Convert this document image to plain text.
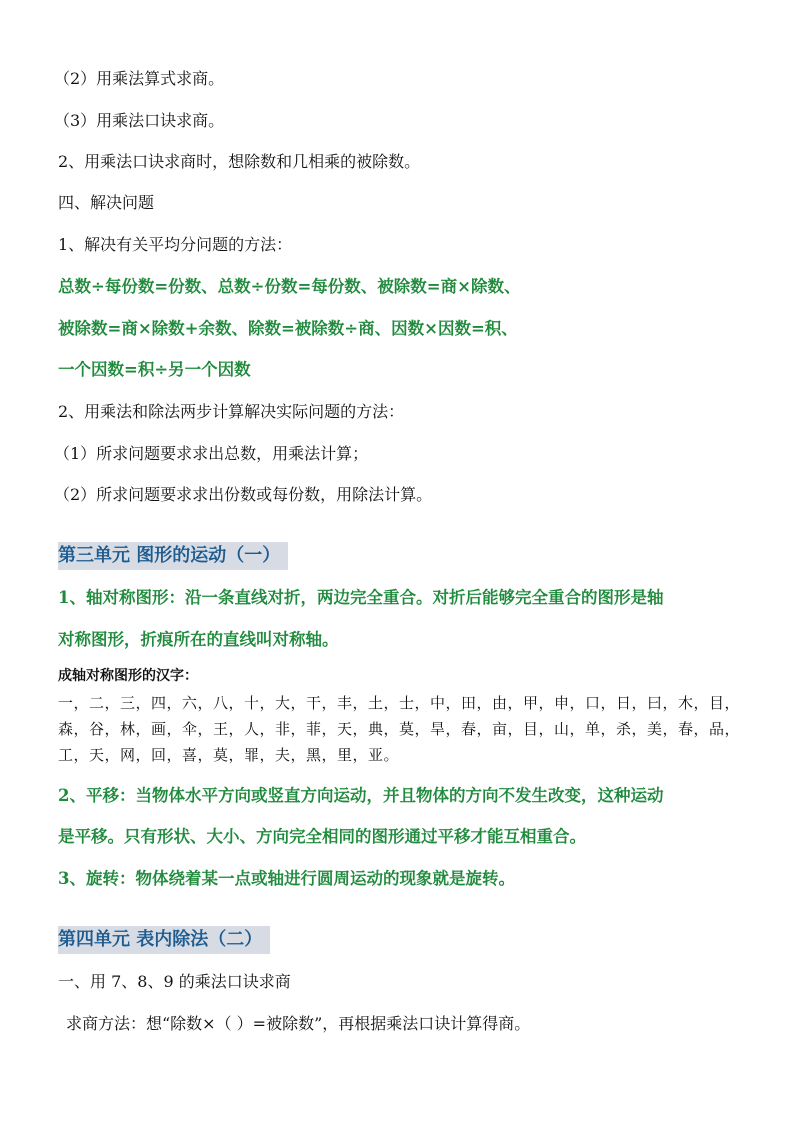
（2）用乘法算式求商。
（3）用乘法口诀求商。
2、用乘法口诀求商时，想除数和几相乘的被除数。
四、解决问题
1、解决有关平均分问题的方法：
总数÷每份数=份数、总数÷份数=每份数、被除数=商×除数、
被除数=商×除数+余数、除数=被除数÷商、因数×因数=积、
一个因数=积÷另一个因数
2、用乘法和除法两步计算解决实际问题的方法：
（1）所求问题要求求出总数，用乘法计算；
（2）所求问题要求求出份数或每份数，用除法计算。
第三单元 图形的运动（一）
1、轴对称图形：沿一条直线对折，两边完全重合。对折后能够完全重合的图形是轴
对称图形，折痕所在的直线叫对称轴。
成轴对称图形的汉字：
一，二，三，四，六，八，十，大，干，丰，土，士，中，田，由，甲，申，口，日，曰，木，目，
森，谷，林，画，伞，王，人，非，菲，天，典，莫，旱，春，亩，目，山，单，杀，美，春，品，
工，天，网，回，喜，莫，罪，夫，黑，里，亚。
2、平移：当物体水平方向或竖直方向运动，并且物体的方向不发生改变，这种运动
是平移。只有形状、大小、方向完全相同的图形通过平移才能互相重合。
3、旋转：物体绕着某一点或轴进行圆周运动的现象就是旋转。
第四单元 表内除法（二）
一、用 7、8、9 的乘法口诀求商
求商方法：想“除数×（ ）=被除数”，再根据乘法口诀计算得商。
